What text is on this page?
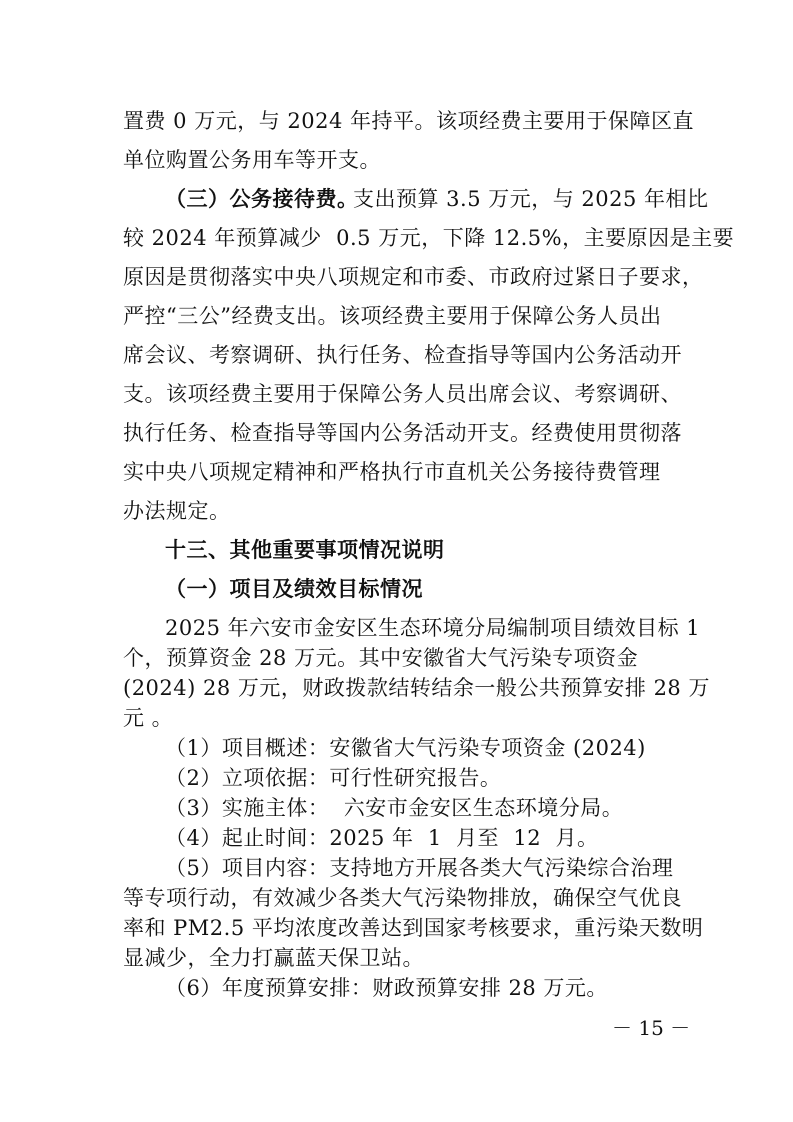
置费 0 万元，与 2024 年持平。该项经费主要用于保障区直
单位购置公务用车等开支。
（三）公务接待费。
支出预算 3.5 万元，与 2025 年相比
较 2024 年预算减少  0.5 万元，下降 12.5%，主要原因是主要
原因是贯彻落实中央八项规定和市委、市政府过紧日子要求，
严控“三公”经费支出。该项经费主要用于保障公务人员出
席会议、考察调研、执行任务、检查指导等国内公务活动开
支。该项经费主要用于保障公务人员出席会议、考察调研、
执行任务、检查指导等国内公务活动开支。经费使用贯彻落
实中央八项规定精神和严格执行市直机关公务接待费管理
办法规定。
十三、其他重要事项情况说明
（一）项目及绩效目标情况
2025 年六安市金安区生态环境分局编制项目绩效目标 1
个，预算资金 28 万元。其中安徽省大气污染专项资金
(2024) 28 万元，财政拨款结转结余一般公共预算安排 28 万
元 。
（1）项目概述：安徽省大气污染专项资金 (2024)
（2）立项依据：可行性研究报告。
（3）实施主体：  六安市金安区生态环境分局。
（4）起止时间：2025 年  1  月至  12  月。
（5）项目内容：支持地方开展各类大气污染综合治理
等专项行动，有效减少各类大气污染物排放，确保空气优良
率和 PM2.5 平均浓度改善达到国家考核要求，重污染天数明
显减少，全力打赢蓝天保卫站。
（6）年度预算安排：财政预算安排 28 万元。
－ 15 －
